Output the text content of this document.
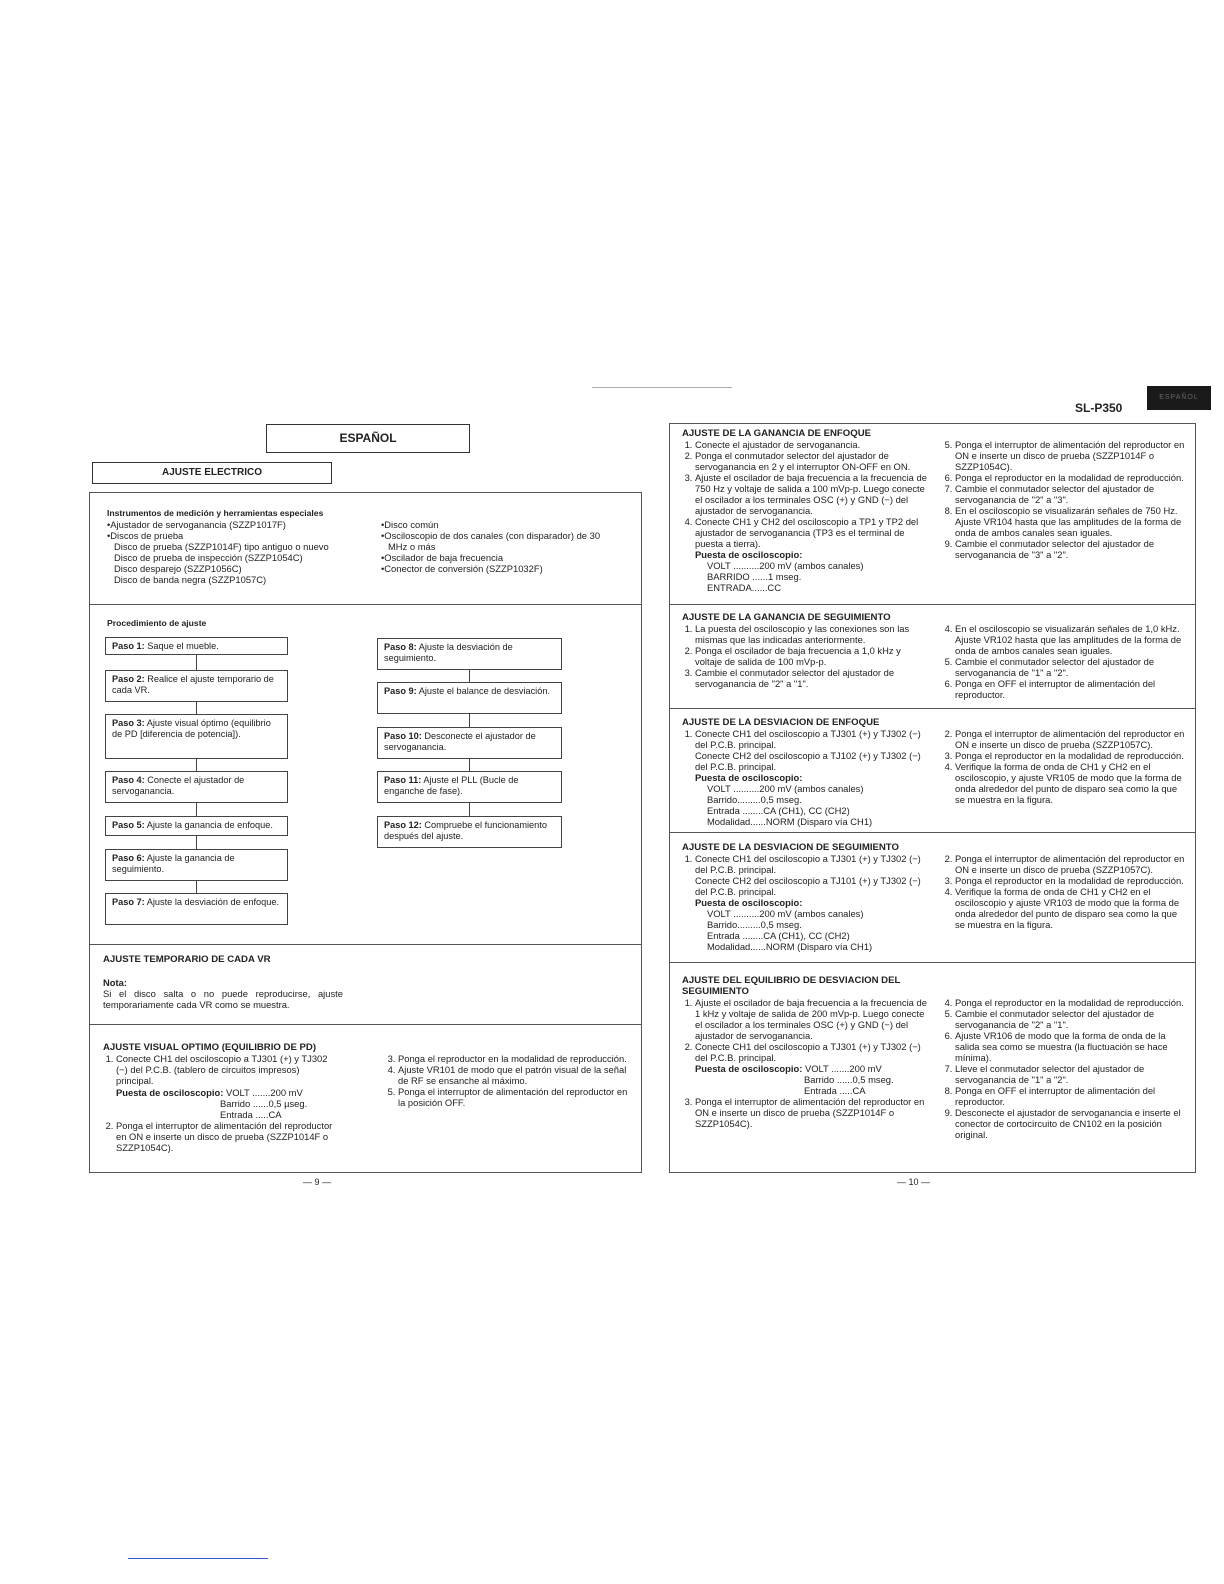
ESPAÑOL
SL-P350
ESPAÑOL
AJUSTE ELECTRICO
Instrumentos de medición y herramientas especiales
•Ajustador de servoganancia (SZZP1017F)
•Discos de prueba
Disco de prueba (SZZP1014F) tipo antiguo o nuevo
Disco de prueba de inspección (SZZP1054C)
Disco desparejo (SZZP1056C)
Disco de banda negra (SZZP1057C)
•Disco común
•Osciloscopio de dos canales (con disparador) de 30
MHz o más
•Oscilador de baja frecuencia
•Conector de conversión (SZZP1032F)
Procedimiento de ajuste
Paso 1: Saque el mueble.
Paso 2: Realice el ajuste temporario de cada VR.
Paso 3: Ajuste visual óptimo (equilibrio de PD [diferencia de potencia]).
Paso 4: Conecte el ajustador de servoganancia.
Paso 5: Ajuste la ganancia de enfoque.
Paso 6: Ajuste la ganancia de seguimiento.
Paso 7: Ajuste la desviación de enfoque.
Paso 8: Ajuste la desviación de seguimiento.
Paso 9: Ajuste el balance de desviación.
Paso 10: Desconecte el ajustador de servoganancia.
Paso 11: Ajuste el PLL (Bucle de enganche de fase).
Paso 12: Compruebe el funcionamiento después del ajuste.
AJUSTE TEMPORARIO DE CADA VR
Nota:
Si el disco salta o no puede reproducirse, ajuste temporariamente cada VR como se muestra.
AJUSTE VISUAL OPTIMO (EQUILIBRIO DE PD)
1. Conecte CH1 del osciloscopio a TJ301 (+) y TJ302 (−) del P.C.B. (tablero de circuitos impresos) principal.
Puesta de osciloscopio: VOLT .......200 mV
Barrido ......0,5 µseg.
Entrada .....CA
2. Ponga el interruptor de alimentación del reproductor en ON e inserte un disco de prueba (SZZP1014F o SZZP1054C).
3. Ponga el reproductor en la modalidad de reproducción.
4. Ajuste VR101 de modo que el patrón visual de la señal de RF se ensanche al máximo.
5. Ponga el interruptor de alimentación del reproductor en la posición OFF.
— 9 —
AJUSTE DE LA GANANCIA DE ENFOQUE
1. Conecte el ajustador de servoganancia.
2. Ponga el conmutador selector del ajustador de servoganancia en 2 y el interruptor ON-OFF en ON.
3. Ajuste el oscilador de baja frecuencia a la frecuencia de 750 Hz y voltaje de salida a 100 mVp-p. Luego conecte el oscilador a los terminales OSC (+) y GND (−) del ajustador de servoganancia.
4. Conecte CH1 y CH2 del osciloscopio a TP1 y TP2 del ajustador de servoganancia (TP3 es el terminal de puesta a tierra).
Puesta de osciloscopio:
VOLT ..........200 mV (ambos canales)
BARRIDO ......1 mseg.
ENTRADA......CC
5. Ponga el interruptor de alimentación del reproductor en ON e inserte un disco de prueba (SZZP1014F o SZZP1054C).
6. Ponga el reproductor en la modalidad de reproducción.
7. Cambie el conmutador selector del ajustador de servoganancia de "2" a "3".
8. En el osciloscopio se visualizarán señales de 750 Hz. Ajuste VR104 hasta que las amplitudes de la forma de onda de ambos canales sean iguales.
9. Cambie el conmutador selector del ajustador de servoganancia de "3" a "2".
AJUSTE DE LA GANANCIA DE SEGUIMIENTO
1. La puesta del osciloscopio y las conexiones son las mismas que las indicadas anteriormente.
2. Ponga el oscilador de baja frecuencia a 1,0 kHz y voltaje de salida de 100 mVp-p.
3. Cambie el conmutador selector del ajustador de servoganancia de "2" a "1".
4. En el osciloscopio se visualizarán señales de 1,0 kHz. Ajuste VR102 hasta que las amplitudes de la forma de onda de ambos canales sean iguales.
5. Cambie el conmutador selector del ajustador de servoganancia de "1" a "2".
6. Ponga en OFF el interruptor de alimentación del reproductor.
AJUSTE DE LA DESVIACION DE ENFOQUE
1. Conecte CH1 del osciloscopio a TJ301 (+) y TJ302 (−) del P.C.B. principal.
Conecte CH2 del osciloscopio a TJ102 (+) y TJ302 (−) del P.C.B. principal.
Puesta de osciloscopio:
VOLT ..........200 mV (ambos canales)
Barrido.........0,5 mseg.
Entrada ........CA (CH1), CC (CH2)
Modalidad......NORM (Disparo vía CH1)
2. Ponga el interruptor de alimentación del reproductor en ON e inserte un disco de prueba (SZZP1057C).
3. Ponga el reproductor en la modalidad de reproducción.
4. Verifique la forma de onda de CH1 y CH2 en el osciloscopio, y ajuste VR105 de modo que la forma de onda alrededor del punto de disparo sea como la que se muestra en la figura.
AJUSTE DE LA DESVIACION DE SEGUIMIENTO
1. Conecte CH1 del osciloscopio a TJ301 (+) y TJ302 (−) del P.C.B. principal.
Conecte CH2 del osciloscopio a TJ101 (+) y TJ302 (−) del P.C.B. principal.
Puesta de osciloscopio:
VOLT ..........200 mV (ambos canales)
Barrido.........0,5 mseg.
Entrada ........CA (CH1), CC (CH2)
Modalidad......NORM (Disparo vía CH1)
2. Ponga el interruptor de alimentación del reproductor en ON e inserte un disco de prueba (SZZP1057C).
3. Ponga el reproductor en la modalidad de reproducción.
4. Verifique la forma de onda de CH1 y CH2 en el osciloscopio y ajuste VR103 de modo que la forma de onda alrededor del punto de disparo sea como la que se muestra en la figura.
AJUSTE DEL EQUILIBRIO DE DESVIACION DEL SEGUIMIENTO
1. Ajuste el oscilador de baja frecuencia a la frecuencia de 1 kHz y voltaje de salida de 200 mVp-p. Luego conecte el oscilador a los terminales OSC (+) y GND (−) del ajustador de servoganancia.
2. Conecte CH1 del osciloscopio a TJ301 (+) y TJ302 (−) del P.C.B. principal.
Puesta de osciloscopio: VOLT .......200 mV
Barrido ......0,5 mseg.
Entrada .....CA
3. Ponga el interruptor de alimentación del reproductor en ON e inserte un disco de prueba (SZZP1014F o SZZP1054C).
4. Ponga el reproductor en la modalidad de reproducción.
5. Cambie el conmutador selector del ajustador de servoganancia de "2" a "1".
6. Ajuste VR106 de modo que la forma de onda de la salida sea como se muestra (la fluctuación se hace mínima).
7. Lleve el conmutador selector del ajustador de servoganancia de "1" a "2".
8. Ponga en OFF el interruptor de alimentación del reproductor.
9. Desconecte el ajustador de servoganancia e inserte el conector de cortocircuito de CN102 en la posición original.
— 10 —
